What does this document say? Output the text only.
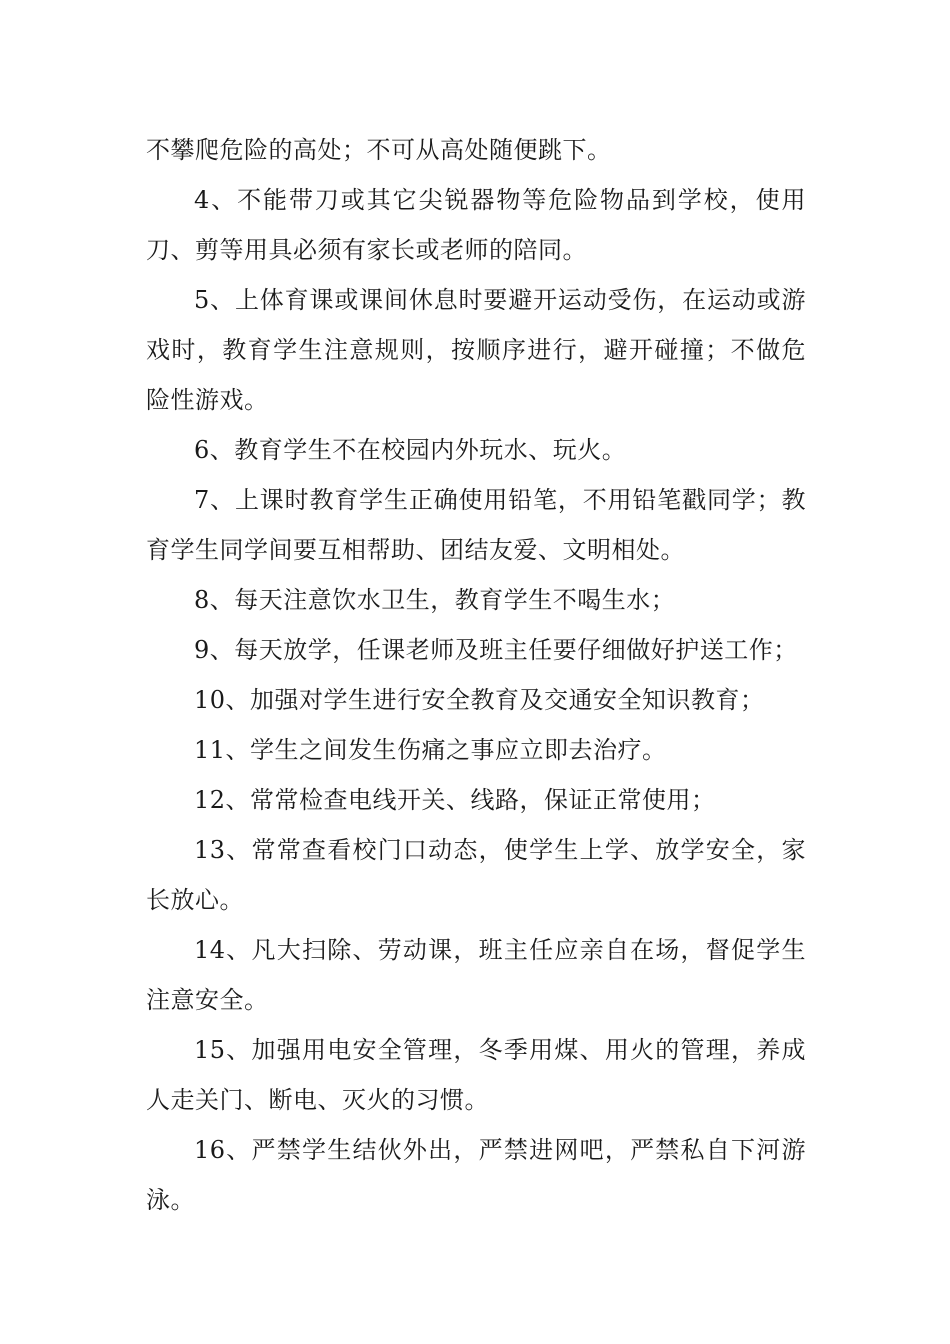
不攀爬危险的高处；不可从高处随便跳下。

4、不能带刀或其它尖锐器物等危险物品到学校，使用刀、剪等用具必须有家长或老师的陪同。

5、上体育课或课间休息时要避开运动受伤，在运动或游戏时，教育学生注意规则，按顺序进行，避开碰撞；不做危险性游戏。

6、教育学生不在校园内外玩水、玩火。

7、上课时教育学生正确使用铅笔，不用铅笔戳同学；教育学生同学间要互相帮助、团结友爱、文明相处。

8、每天注意饮水卫生，教育学生不喝生水；

9、每天放学，任课老师及班主任要仔细做好护送工作；

10、加强对学生进行安全教育及交通安全知识教育；

11、学生之间发生伤痛之事应立即去治疗。

12、常常检查电线开关、线路，保证正常使用；

13、常常查看校门口动态，使学生上学、放学安全，家长放心。

14、凡大扫除、劳动课，班主任应亲自在场，督促学生注意安全。

15、加强用电安全管理，冬季用煤、用火的管理，养成人走关门、断电、灭火的习惯。

16、严禁学生结伙外出，严禁进网吧，严禁私自下河游泳。
